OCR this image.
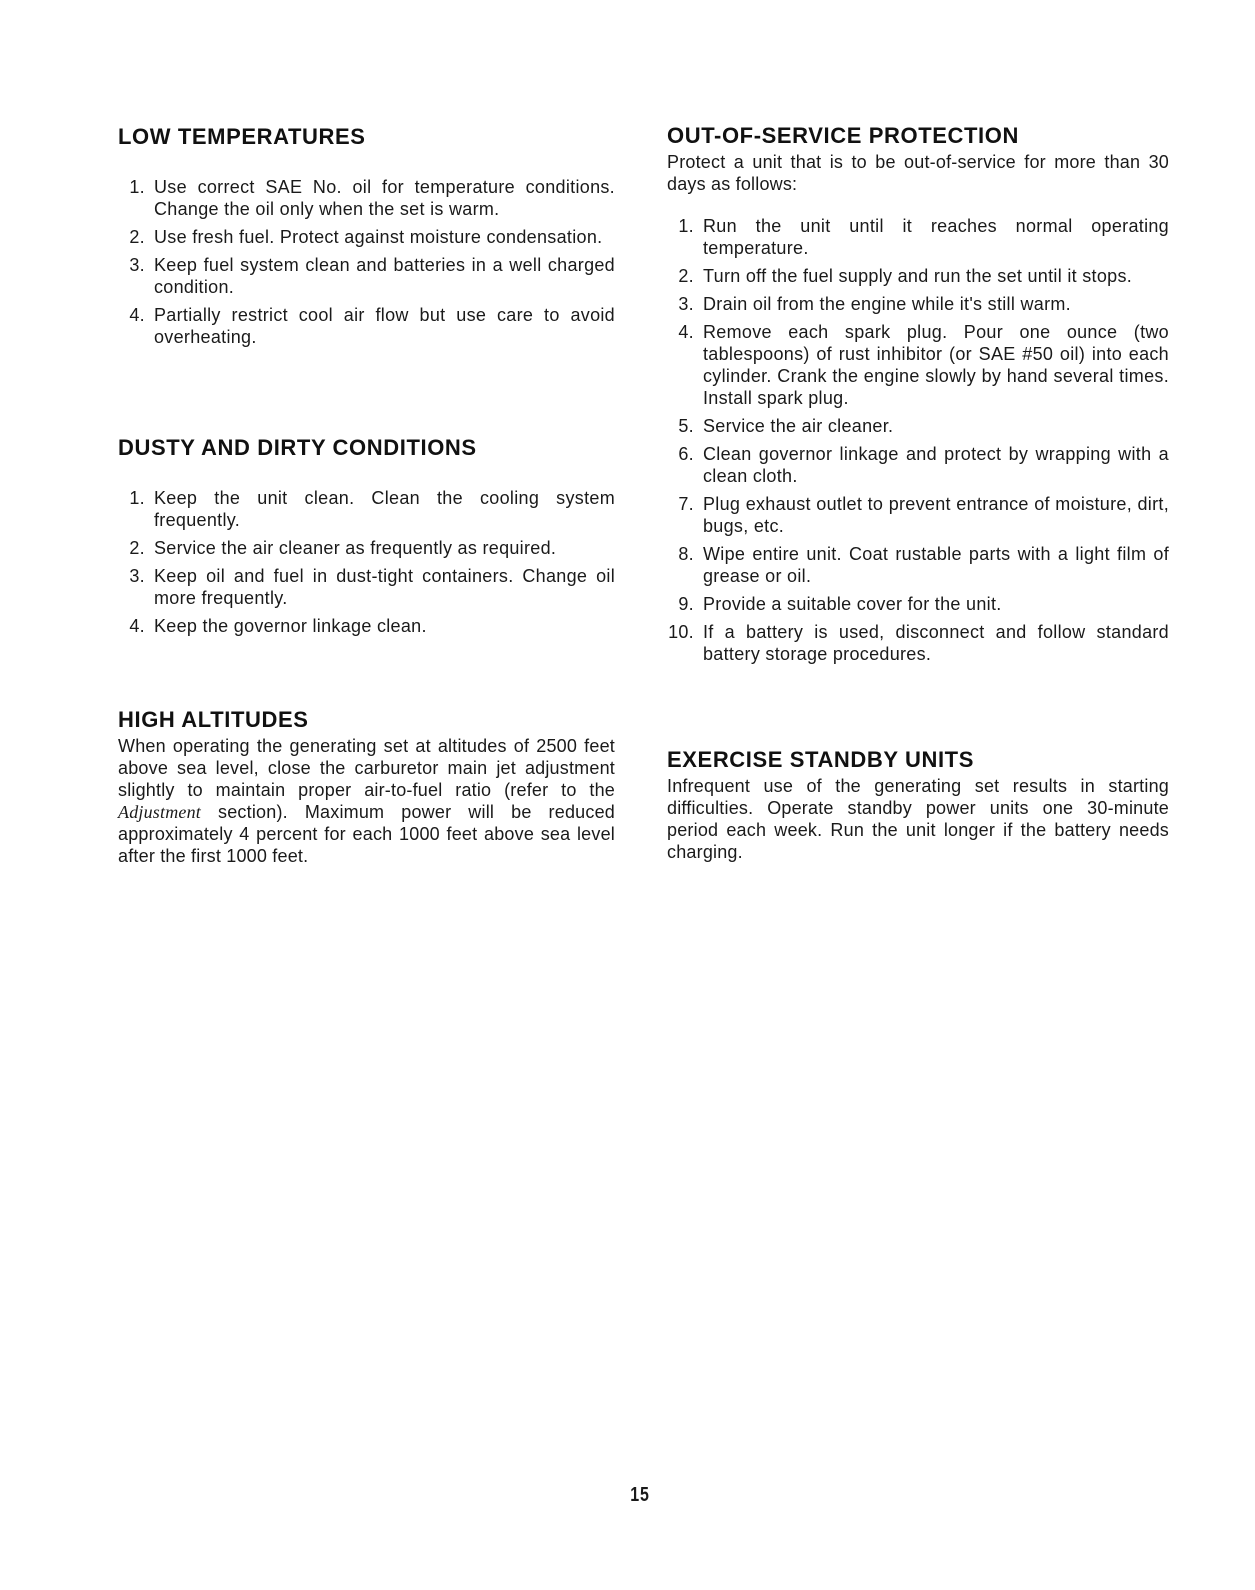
LOW TEMPERATURES
1. Use correct SAE No. oil for temperature conditions. Change the oil only when the set is warm.
2. Use fresh fuel. Protect against moisture condensation.
3. Keep fuel system clean and batteries in a well charged condition.
4. Partially restrict cool air flow but use care to avoid overheating.
DUSTY AND DIRTY CONDITIONS
1. Keep the unit clean. Clean the cooling system frequently.
2. Service the air cleaner as frequently as required.
3. Keep oil and fuel in dust-tight containers. Change oil more frequently.
4. Keep the governor linkage clean.
HIGH ALTITUDES

When operating the generating set at altitudes of 2500 feet above sea level, close the carburetor main jet adjustment slightly to maintain proper air-to-fuel ratio (refer to the Adjustment section). Maximum power will be reduced approximately 4 percent for each 1000 feet above sea level after the first 1000 feet.

OUT-OF-SERVICE PROTECTION

Protect a unit that is to be out-of-service for more than 30 days as follows:

1. Run the unit until it reaches normal operating temperature.
2. Turn off the fuel supply and run the set until it stops.
3. Drain oil from the engine while it's still warm.
4. Remove each spark plug. Pour one ounce (two tablespoons) of rust inhibitor (or SAE #50 oil) into each cylinder. Crank the engine slowly by hand several times. Install spark plug.
5. Service the air cleaner.
6. Clean governor linkage and protect by wrapping with a clean cloth.
7. Plug exhaust outlet to prevent entrance of moisture, dirt, bugs, etc.
8. Wipe entire unit. Coat rustable parts with a light film of grease or oil.
9. Provide a suitable cover for the unit.
10. If a battery is used, disconnect and follow standard battery storage procedures.
EXERCISE STANDBY UNITS

Infrequent use of the generating set results in starting difficulties. Operate standby power units one 30-minute period each week. Run the unit longer if the battery needs charging.

15
